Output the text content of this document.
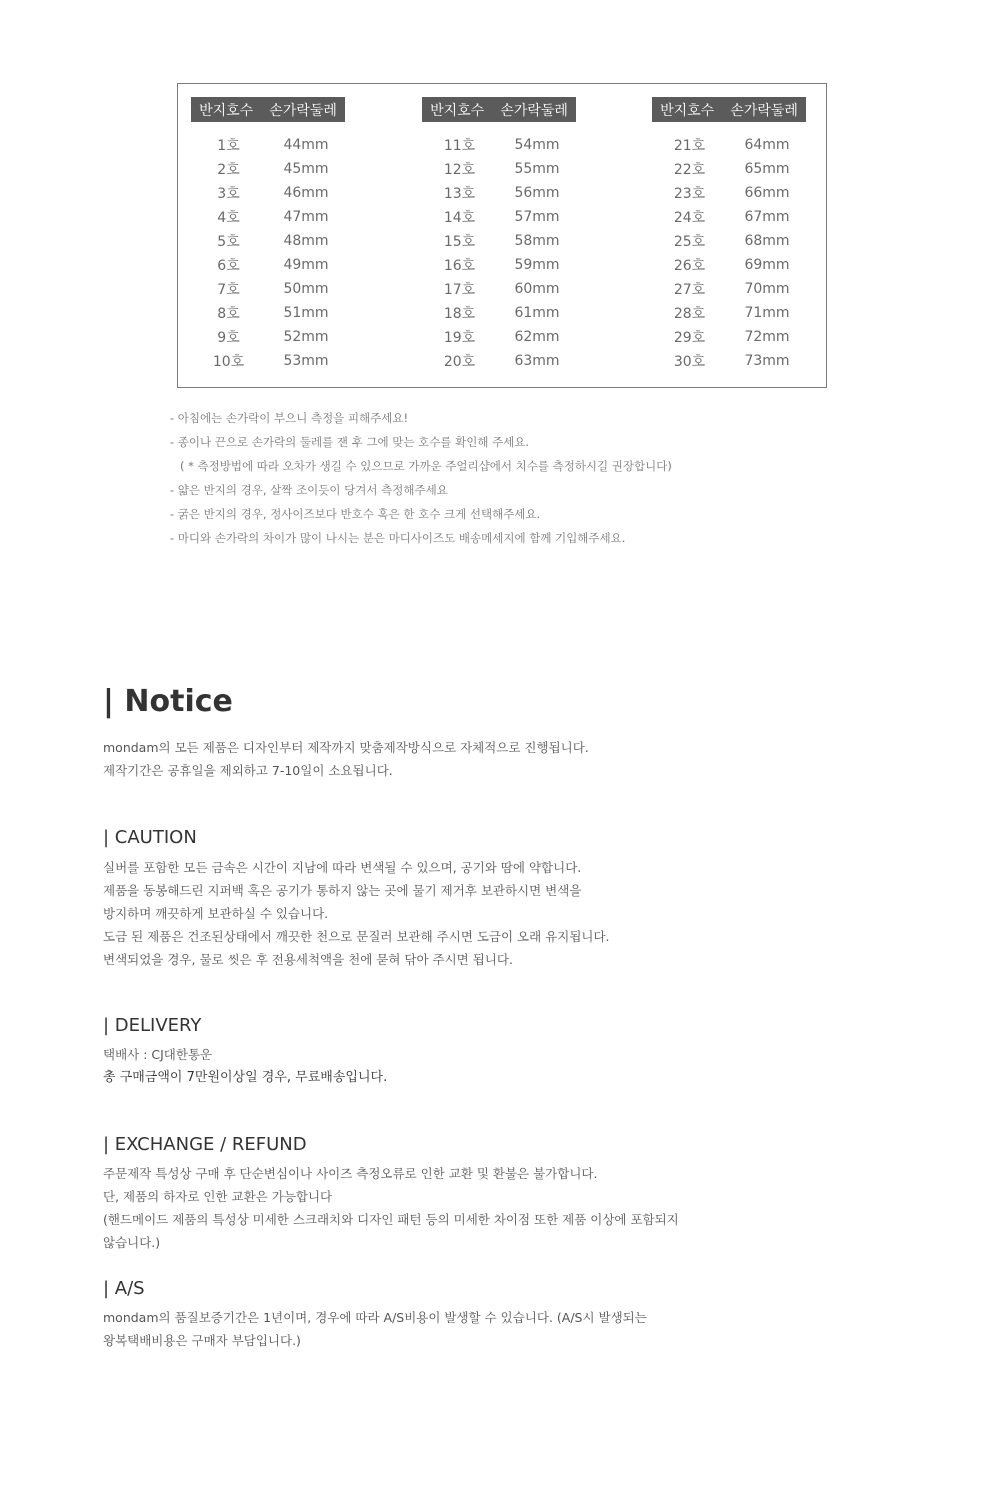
반지호수 손가락둘레
1호	44mm
2호	45mm
3호	46mm
4호	47mm
5호	48mm
6호	49mm
7호	50mm
8호	51mm
9호	52mm
10호	53mm
반지호수 손가락둘레
11호	54mm
12호	55mm
13호	56mm
14호	57mm
15호	58mm
16호	59mm
17호	60mm
18호	61mm
19호	62mm
20호	63mm
반지호수 손가락둘레
21호	64mm
22호	65mm
23호	66mm
24호	67mm
25호	68mm
26호	69mm
27호	70mm
28호	71mm
29호	72mm
30호	73mm
- 아침에는 손가락이 부으니 측정을 피해주세요!
- 종이나 끈으로 손가락의 둘레를 잰 후 그에 맞는 호수를 확인해 주세요.
( * 측정방법에 따라 오차가 생길 수 있으므로 가까운 주얼리샵에서 치수를 측정하시길 권장합니다)
- 얇은 반지의 경우, 살짝 조이듯이 당겨서 측정해주세요
- 굵은 반지의 경우, 정사이즈보다 반호수 혹은 한 호수 크게 선택해주세요.
- 마디와 손가락의 차이가 많이 나시는 분은 마디사이즈도 배송메세지에 함께 기입해주세요.
| Notice
mondam의 모든 제품은 디자인부터 제작까지 맞춤제작방식으로 자체적으로 진행됩니다.
제작기간은 공휴일을 제외하고 7-10일이 소요됩니다.
| CAUTION
실버를 포함한 모든 금속은 시간이 지남에 따라 변색될 수 있으며, 공기와 땀에 약합니다.
제품을 동봉해드린 지퍼백 혹은 공기가 통하지 않는 곳에 물기 제거후 보관하시면 변색을
방지하며 깨끗하게 보관하실 수 있습니다.
도금 된 제품은 건조된상태에서 깨끗한 천으로 문질러 보관해 주시면 도금이 오래 유지됩니다.
변색되었을 경우, 물로 씻은 후 전용세척액을 천에 묻혀 닦아 주시면 됩니다.
| DELIVERY
택배사 : CJ대한통운
총 구매금액이 7만원이상일 경우, 무료배송입니다.
| EXCHANGE / REFUND
주문제작 특성상 구매 후 단순변심이나 사이즈 측정오류로 인한 교환 및 환불은 불가합니다.
단, 제품의 하자로 인한 교환은 가능합니다
(핸드메이드 제품의 특성상 미세한 스크래치와 디자인 패턴 등의 미세한 차이점 또한 제품 이상에 포함되지
않습니다.)
| A/S
mondam의 품질보증기간은 1년이며, 경우에 따라 A/S비용이 발생할 수 있습니다. (A/S시 발생되는
왕복택배비용은 구매자 부담입니다.)
